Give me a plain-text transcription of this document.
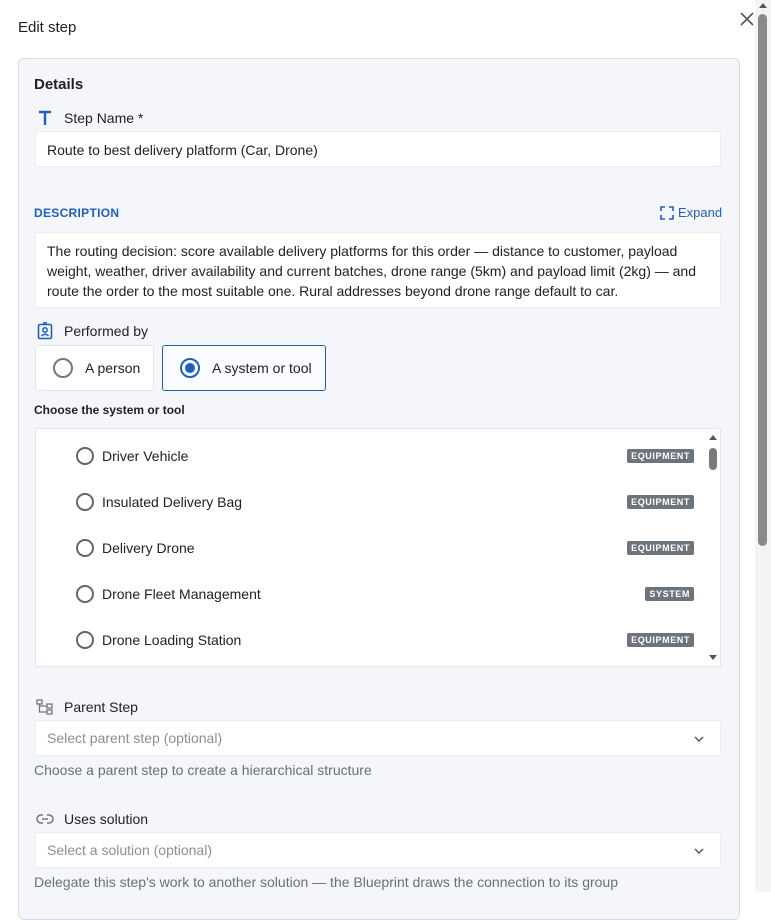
Edit step
Details
Step Name *
Route to best delivery platform (Car, Drone)
DESCRIPTION	Expand
The routing decision: score available delivery platforms for this order — distance to customer, payload weight, weather, driver availability and current batches, drone range (5km) and payload limit (2kg) — and route the order to the most suitable one. Rural addresses beyond drone range default to car.
Performed by
A person	A system or tool
Choose the system or tool
Driver Vehicle	EQUIPMENT
Insulated Delivery Bag	EQUIPMENT
Delivery Drone	EQUIPMENT
Drone Fleet Management	SYSTEM
Drone Loading Station	EQUIPMENT
Parent Step
Select parent step (optional)
Choose a parent step to create a hierarchical structure
Uses solution
Select a solution (optional)
Delegate this step's work to another solution — the Blueprint draws the connection to its group
